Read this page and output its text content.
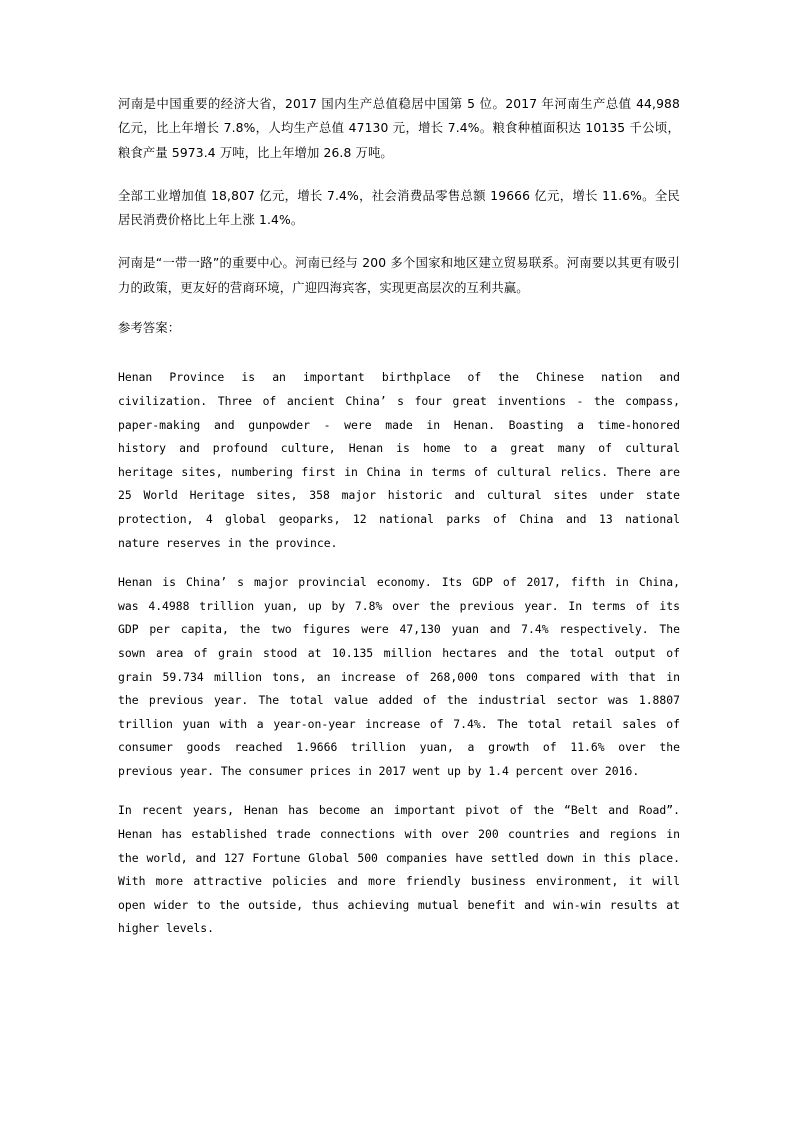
河南是中国重要的经济大省，2017 国内生产总值稳居中国第 5 位。2017 年河南生产总值 44,988 亿元，比上年增长 7.8%，人均生产总值 47130 元，增长 7.4%。粮食种植面积达 10135 千公顷，粮食产量 5973.4 万吨，比上年增加 26.8 万吨。

全部工业增加值 18,807 亿元，增长 7.4%，社会消费品零售总额 19666 亿元，增长 11.6%。全民居民消费价格比上年上涨 1.4%。

河南是“一带一路”的重要中心。河南已经与 200 多个国家和地区建立贸易联系。河南要以其更有吸引力的政策，更友好的营商环境，广迎四海宾客，实现更高层次的互利共赢。

参考答案：

Henan Province is an important birthplace of the Chinese nation and
civilization. Three of ancient China’ s four great inventions - the compass,
paper-making and gunpowder - were made in Henan. Boasting a time-honored
history and profound culture, Henan is home to a great many of cultural
heritage sites, numbering first in China in terms of cultural relics. There are
25 World Heritage sites, 358 major historic and cultural sites under state
protection, 4 global geoparks, 12 national parks of China and 13 national
nature reserves in the province.
Henan is China’ s major provincial economy. Its GDP of 2017, fifth in China,
was 4.4988 trillion yuan, up by 7.8% over the previous year. In terms of its
GDP per capita, the two figures were 47,130 yuan and 7.4% respectively. The
sown area of grain stood at 10.135 million hectares and the total output of
grain 59.734 million tons, an increase of 268,000 tons compared with that in
the previous year. The total value added of the industrial sector was 1.8807
trillion yuan with a year-on-year increase of 7.4%. The total retail sales of
consumer goods reached 1.9666 trillion yuan, a growth of 11.6% over the
previous year. The consumer prices in 2017 went up by 1.4 percent over 2016.
In recent years, Henan has become an important pivot of the “Belt and Road”.
Henan has established trade connections with over 200 countries and regions in
the world, and 127 Fortune Global 500 companies have settled down in this place.
With more attractive policies and more friendly business environment, it will
open wider to the outside, thus achieving mutual benefit and win-win results at
higher levels.
